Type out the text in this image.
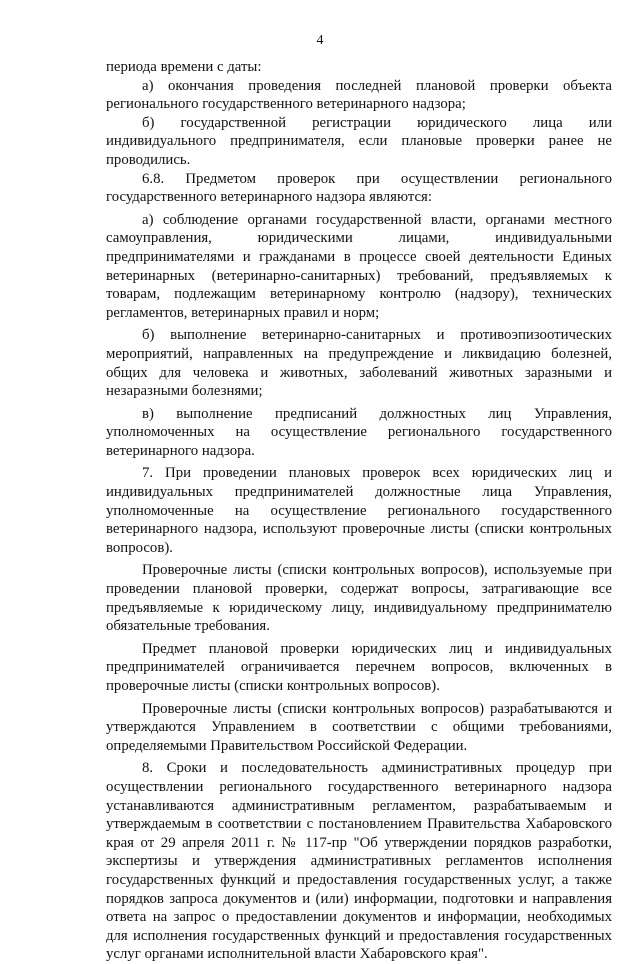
4

периода времени с даты:

а) окончания проведения последней плановой проверки объекта регионального государственного ветеринарного надзора;

б) государственной регистрации юридического лица или индивидуального предпринимателя, если плановые проверки ранее не проводились.

6.8. Предметом проверок при осуществлении регионального государственного ветеринарного надзора являются:

а) соблюдение органами государственной власти, органами местного самоуправления, юридическими лицами, индивидуальными предпринимателями и гражданами в процессе своей деятельности Единых ветеринарных (ветеринарно-санитарных) требований, предъявляемых к товарам, подлежащим ветеринарному контролю (надзору), технических регламентов, ветеринарных правил и норм;

б) выполнение ветеринарно-санитарных и противоэпизоотических мероприятий, направленных на предупреждение и ликвидацию болезней, общих для человека и животных, заболеваний животных заразными и незаразными болезнями;

в) выполнение предписаний должностных лиц Управления, уполномоченных на осуществление регионального государственного ветеринарного надзора.

7. При проведении плановых проверок всех юридических лиц и индивидуальных предпринимателей должностные лица Управления, уполномоченные на осуществление регионального государственного ветеринарного надзора, используют проверочные листы (списки контрольных вопросов).

Проверочные листы (списки контрольных вопросов), используемые при проведении плановой проверки, содержат вопросы, затрагивающие все предъявляемые к юридическому лицу, индивидуальному предпринимателю обязательные требования.

Предмет плановой проверки юридических лиц и индивидуальных предпринимателей ограничивается перечнем вопросов, включенных в проверочные листы (списки контрольных вопросов).

Проверочные листы (списки контрольных вопросов) разрабатываются и утверждаются Управлением в соответствии с общими требованиями, определяемыми Правительством Российской Федерации.

8. Сроки и последовательность административных процедур при осуществлении регионального государственного ветеринарного надзора устанавливаются административным регламентом, разрабатываемым и утверждаемым в соответствии с постановлением Правительства Хабаровского края от 29 апреля 2011 г. № 117-пр "Об утверждении порядков разработки, экспертизы и утверждения административных регламентов исполнения государственных функций и предоставления государственных услуг, а также порядков запроса документов и (или) информации, подготовки и направления ответа на запрос о предоставлении документов и информации, необходимых для исполнения государственных функций и предоставления государственных услуг органами исполнительной власти Хабаровского края".
